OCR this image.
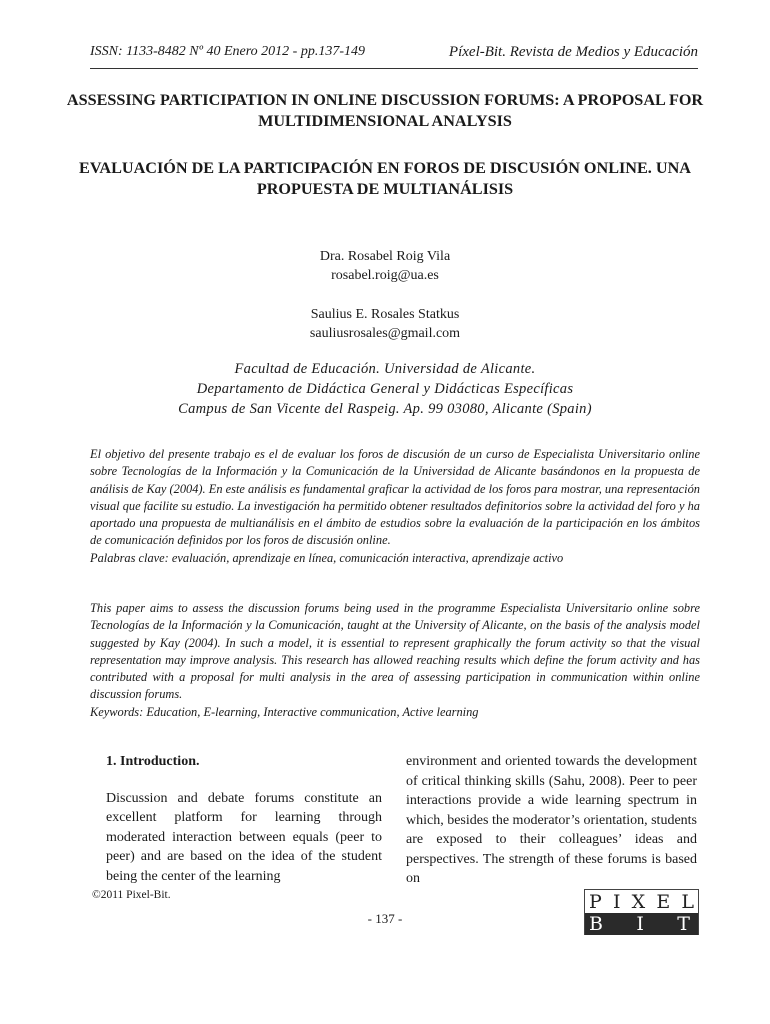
ISSN: 1133-8482 Nº 40 Enero 2012 - pp.137-149	Píxel-Bit. Revista de Medios y Educación
ASSESSING PARTICIPATION IN ONLINE DISCUSSION FORUMS: A PROPOSAL FOR MULTIDIMENSIONAL ANALYSIS
EVALUACIÓN DE LA PARTICIPACIÓN EN FOROS DE DISCUSIÓN ONLINE. UNA PROPUESTA DE MULTIANÁLISIS
Dra. Rosabel Roig Vila
rosabel.roig@ua.es
Saulius E. Rosales Statkus
sauliusrosales@gmail.com
Facultad de Educación. Universidad de Alicante.
Departamento de Didáctica General y Didácticas Específicas
Campus de San Vicente del Raspeig. Ap. 99 03080, Alicante (Spain)
El objetivo del presente trabajo es el de evaluar los foros de discusión de un curso de Especialista Universitario online sobre Tecnologías de la Información y la Comunicación de la Universidad de Alicante basándonos en la propuesta de análisis de Kay (2004). En este análisis es fundamental graficar la actividad de los foros para mostrar, una representación visual que facilite su estudio. La investigación ha permitido obtener resultados definitorios sobre la actividad del foro y ha aportado una propuesta de multianálisis en el ámbito de estudios sobre la evaluación de la participación en los ámbitos de comunicación definidos por los foros de discusión online.
Palabras clave: evaluación, aprendizaje en línea, comunicación interactiva, aprendizaje activo
This paper aims to assess the discussion forums being used in the programme Especialista Universitario online sobre Tecnologías de la Información y la Comunicación, taught at the University of Alicante, on the basis of the analysis model suggested by Kay (2004). In such a model, it is essential to represent graphically the forum activity so that the visual representation may improve analysis. This research has allowed reaching results which define the forum activity and has contributed with a proposal for multi analysis in the area of assessing participation in communication within online discussion forums.
Keywords: Education, E-learning, Interactive communication, Active learning
1. Introduction.
Discussion and debate forums constitute an excellent platform for learning through moderated interaction between equals (peer to peer) and are based on the idea of the student being the center of the learning
environment and oriented towards the development of critical thinking skills (Sahu, 2008). Peer to peer interactions provide a wide learning spectrum in which, besides the moderator’s orientation, students are exposed to their colleagues’ ideas and perspectives. The strength of these forums is based on
©2011 Pixel-Bit.
- 137 -
P I X E L
B I T
